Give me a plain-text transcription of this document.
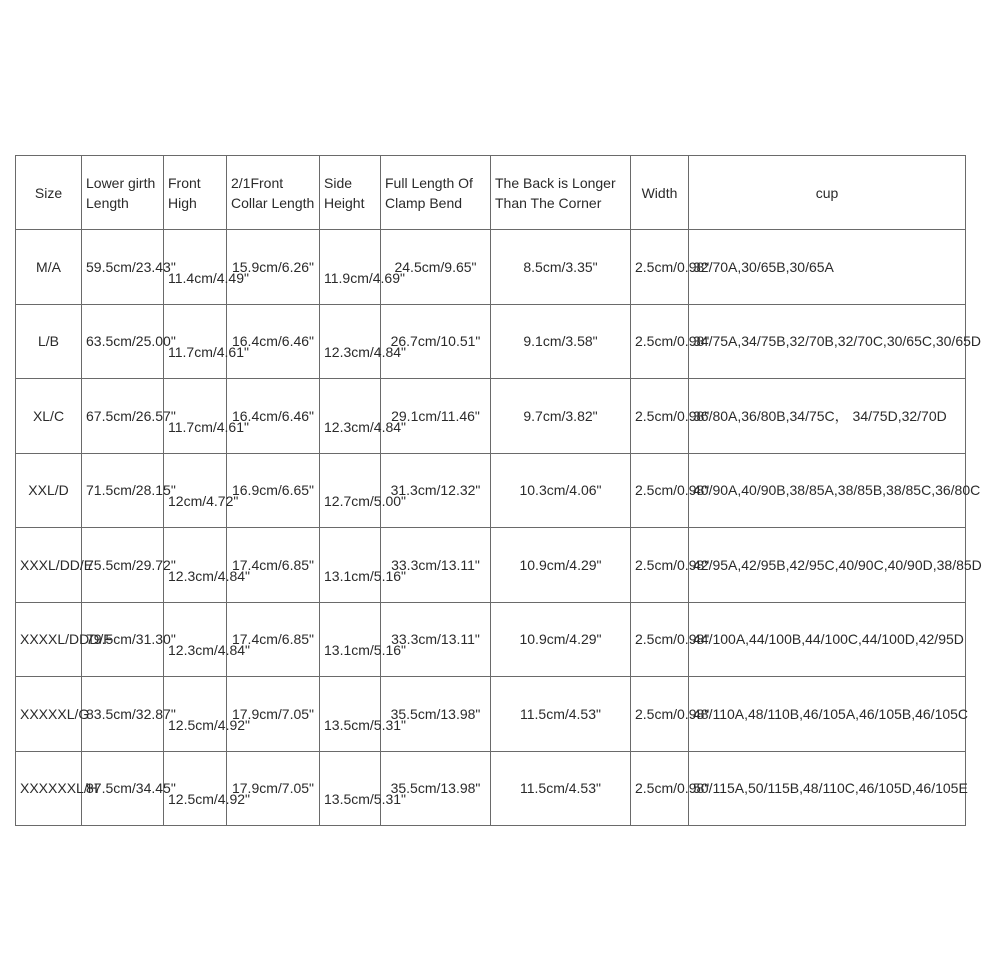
Size	Lower girth Length	Front High	2/1Front Collar Length	Side Height	Full Length Of Clamp Bend	The Back is Longer Than The Corner	Width	cup
M/A	59.5cm/23.43"	11.4cm/4.49"	15.9cm/6.26"	11.9cm/4.69"	24.5cm/9.65"	8.5cm/3.35"	2.5cm/0.98"	32/70A,30/65B,30/65A
L/B	63.5cm/25.00"	11.7cm/4.61"	16.4cm/6.46"	12.3cm/4.84"	26.7cm/10.51"	9.1cm/3.58"	2.5cm/0.98"	34/75A,34/75B,32/70B,32/70C,30/65C,30/65D
XL/C	67.5cm/26.57"	11.7cm/4.61"	16.4cm/6.46"	12.3cm/4.84"	29.1cm/11.46"	9.7cm/3.82"	2.5cm/0.98"	36/80A,36/80B,34/75C， 34/75D,32/70D
XXL/D	71.5cm/28.15"	12cm/4.72"	16.9cm/6.65"	12.7cm/5.00"	31.3cm/12.32"	10.3cm/4.06"	2.5cm/0.98"	40/90A,40/90B,38/85A,38/85B,38/85C,36/80C
XXXL/DD/E	75.5cm/29.72"	12.3cm/4.84"	17.4cm/6.85"	13.1cm/5.16"	33.3cm/13.11"	10.9cm/4.29"	2.5cm/0.98"	42/95A,42/95B,42/95C,40/90C,40/90D,38/85D
XXXXL/DDD/F	79.5cm/31.30"	12.3cm/4.84"	17.4cm/6.85"	13.1cm/5.16"	33.3cm/13.11"	10.9cm/4.29"	2.5cm/0.98"	44/100A,44/100B,44/100C,44/100D,42/95D
XXXXXL/G	83.5cm/32.87"	12.5cm/4.92"	17.9cm/7.05"	13.5cm/5.31"	35.5cm/13.98"	11.5cm/4.53"	2.5cm/0.98"	48/110A,48/110B,46/105A,46/105B,46/105C
XXXXXXL/H	87.5cm/34.45"	12.5cm/4.92"	17.9cm/7.05"	13.5cm/5.31"	35.5cm/13.98"	11.5cm/4.53"	2.5cm/0.98"	50/115A,50/115B,48/110C,46/105D,46/105E
